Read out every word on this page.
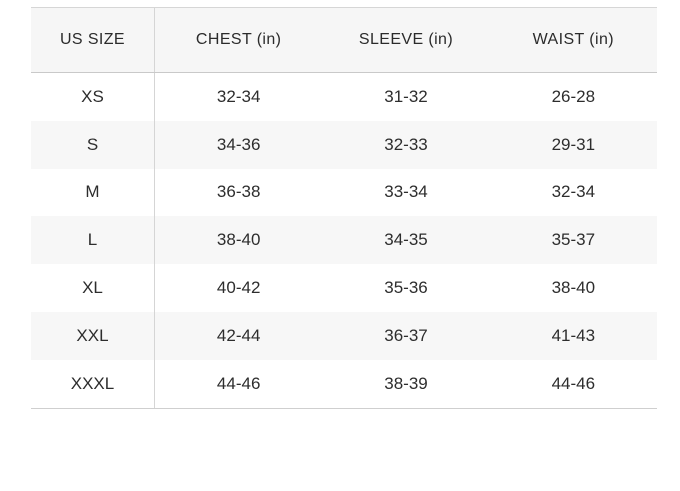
US SIZE	CHEST (in)	SLEEVE (in)	WAIST (in)
XS	32-34	31-32	26-28
S	34-36	32-33	29-31
M	36-38	33-34	32-34
L	38-40	34-35	35-37
XL	40-42	35-36	38-40
XXL	42-44	36-37	41-43
XXXL	44-46	38-39	44-46
